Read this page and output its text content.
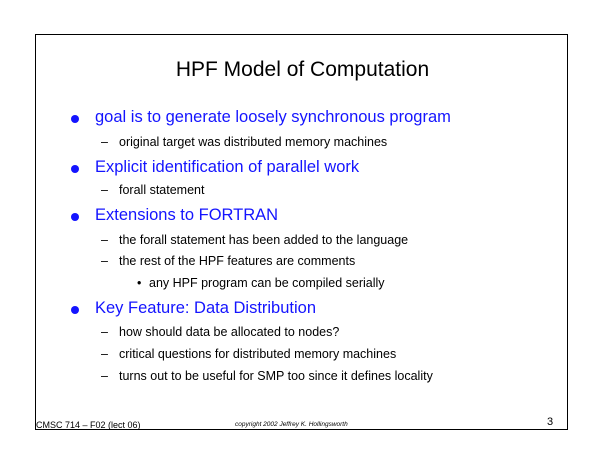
HPF Model of Computation
goal is to generate loosely synchronous program
– original target was distributed memory machines
Explicit identification of parallel work
– forall statement
Extensions to FORTRAN
– the forall statement has been added to the language
– the rest of the HPF features are comments
• any HPF program can be compiled serially
Key Feature: Data Distribution
– how should data be allocated to nodes?
– critical questions for distributed memory machines
– turns out to be useful for SMP too since it defines locality
CMSC 714 – F02 (lect 06)	copyright 2002 Jeffrey K. Hollingsworth	3
